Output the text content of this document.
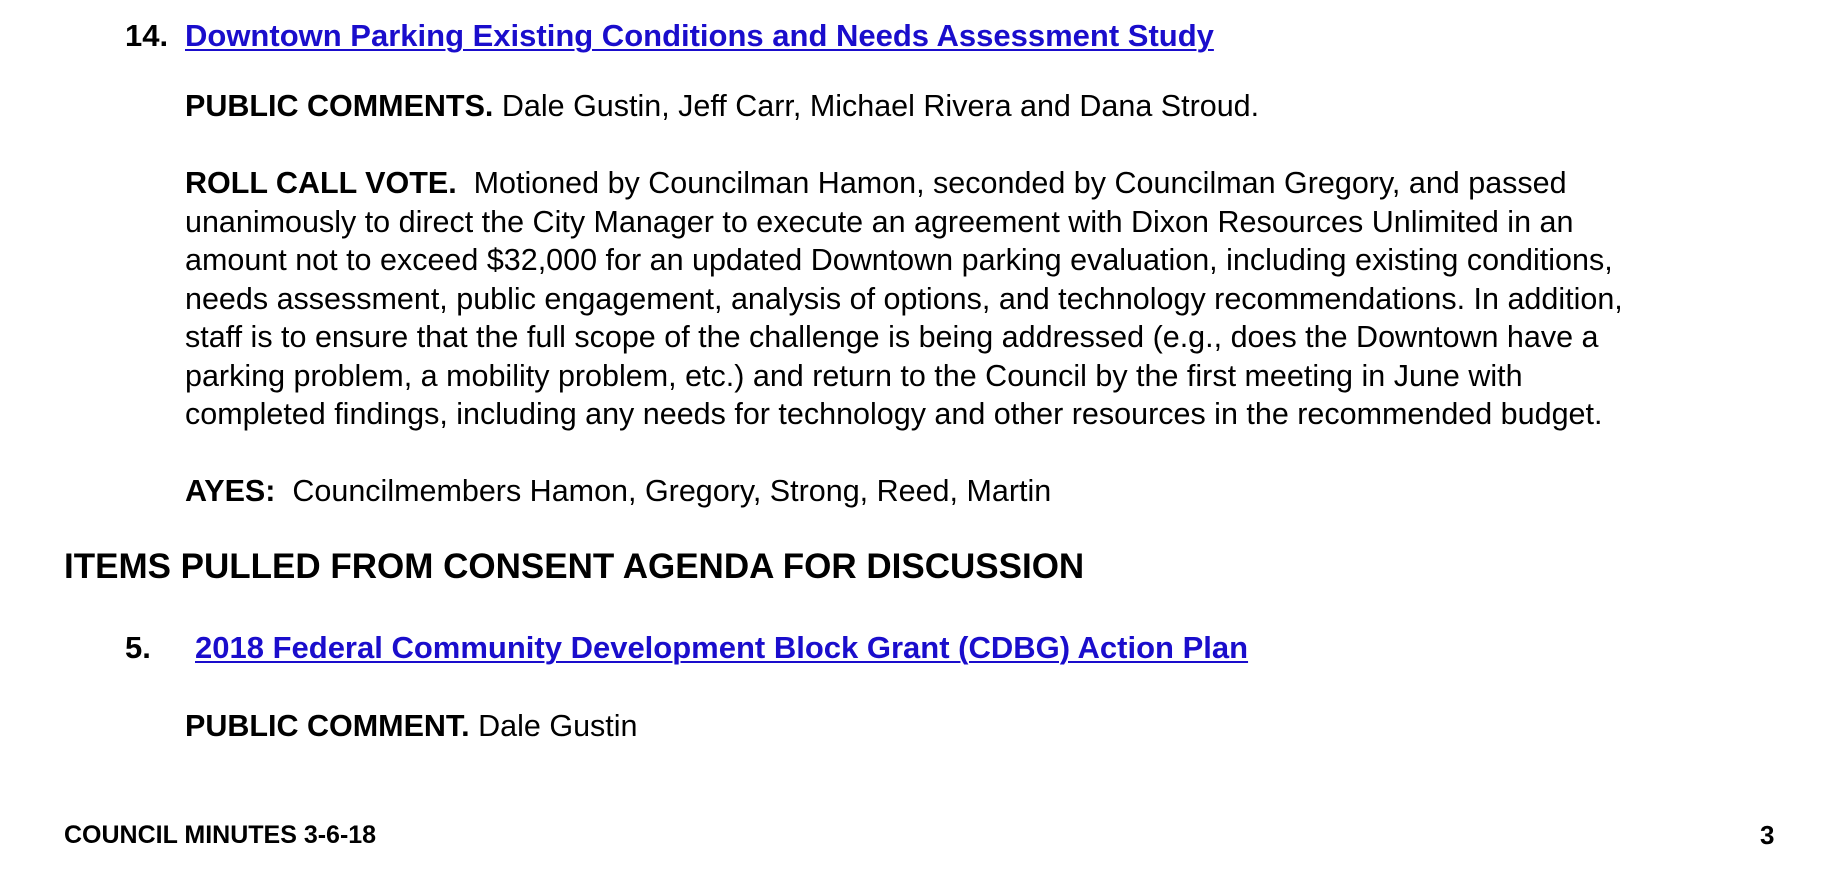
14. Downtown Parking Existing Conditions and Needs Assessment Study
PUBLIC COMMENTS. Dale Gustin, Jeff Carr, Michael Rivera and Dana Stroud.
ROLL CALL VOTE. Motioned by Councilman Hamon, seconded by Councilman Gregory, and passed
unanimously to direct the City Manager to execute an agreement with Dixon Resources Unlimited in an
amount not to exceed $32,000 for an updated Downtown parking evaluation, including existing conditions,
needs assessment, public engagement, analysis of options, and technology recommendations. In addition,
staff is to ensure that the full scope of the challenge is being addressed (e.g., does the Downtown have a
parking problem, a mobility problem, etc.) and return to the Council by the first meeting in June with
completed findings, including any needs for technology and other resources in the recommended budget.
AYES: Councilmembers Hamon, Gregory, Strong, Reed, Martin
ITEMS PULLED FROM CONSENT AGENDA FOR DISCUSSION
5. 2018 Federal Community Development Block Grant (CDBG) Action Plan
PUBLIC COMMENT. Dale Gustin
COUNCIL MINUTES 3-6-18	3
